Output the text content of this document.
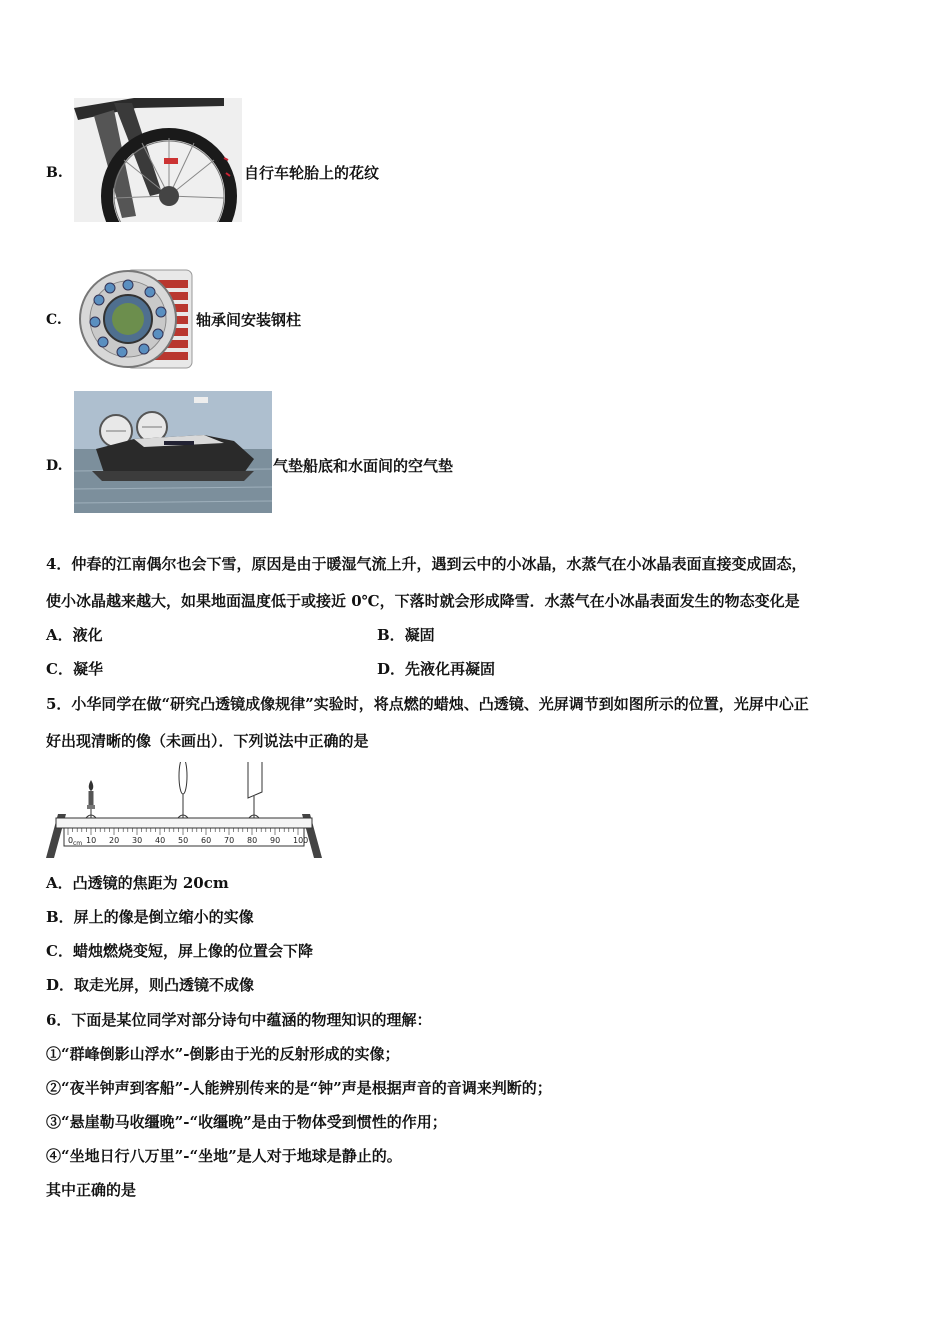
B.	自行车轮胎上的花纹
C.	轴承间安装钢柱
D.	气垫船底和水面间的空气垫
4．仲春的江南偶尔也会下雪，原因是由于暖湿气流上升，遇到云中的小冰晶，水蒸气在小冰晶表面直接变成固态，
使小冰晶越来越大，如果地面温度低于或接近 0℃，下落时就会形成降雪．水蒸气在小冰晶表面发生的物态变化是
A．液化	B．凝固
C．凝华	D．先液化再凝固
5．小华同学在做“研究凸透镜成像规律”实验时，将点燃的蜡烛、凸透镜、光屏调节到如图所示的位置，光屏中心正
好出现清晰的像（未画出）．下列说法中正确的是
0 10 20 30 40 50 60 70 80 90 100
cm
A．凸透镜的焦距为 20cm
B．屏上的像是倒立缩小的实像
C．蜡烛燃烧变短，屏上像的位置会下降
D．取走光屏，则凸透镜不成像
6．下面是某位同学对部分诗句中蕴涵的物理知识的理解：
①“群峰倒影山浮水”-倒影由于光的反射形成的实像；
②“夜半钟声到客船”-人能辨别传来的是“钟”声是根据声音的音调来判断的；
③“悬崖勒马收缰晚”-“收缰晚”是由于物体受到惯性的作用；
④“坐地日行八万里”-“坐地”是人对于地球是静止的。
其中正确的是
